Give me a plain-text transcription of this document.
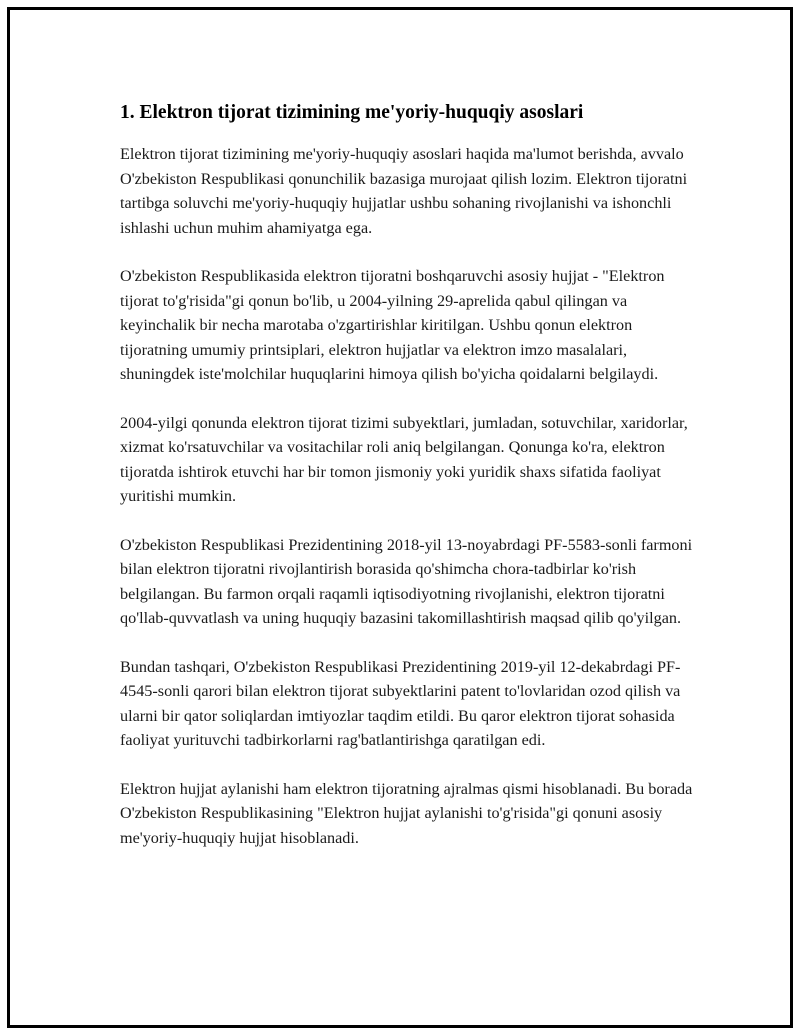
1. Elektron tijorat tizimining me'yoriy-huquqiy asoslari

Elektron tijorat tizimining me'yoriy-huquqiy asoslari haqida ma'lumot berishda, avvalo O'zbekiston Respublikasi qonunchilik bazasiga murojaat qilish lozim. Elektron tijoratni tartibga soluvchi me'yoriy-huquqiy hujjatlar ushbu sohaning rivojlanishi va ishonchli ishlashi uchun muhim ahamiyatga ega.

O'zbekiston Respublikasida elektron tijoratni boshqaruvchi asosiy hujjat - "Elektron tijorat to'g'risida"gi qonun bo'lib, u 2004-yilning 29-aprelida qabul qilingan va keyinchalik bir necha marotaba o'zgartirishlar kiritilgan. Ushbu qonun elektron tijoratning umumiy printsiplari, elektron hujjatlar va elektron imzo masalalari, shuningdek iste'molchilar huquqlarini himoya qilish bo'yicha qoidalarni belgilaydi.

2004-yilgi qonunda elektron tijorat tizimi subyektlari, jumladan, sotuvchilar, xaridorlar, xizmat ko'rsatuvchilar va vositachilar roli aniq belgilangan. Qonunga ko'ra, elektron tijoratda ishtirok etuvchi har bir tomon jismoniy yoki yuridik shaxs sifatida faoliyat yuritishi mumkin.

O'zbekiston Respublikasi Prezidentining 2018-yil 13-noyabrdagi PF-5583-sonli farmoni bilan elektron tijoratni rivojlantirish borasida qo'shimcha chora-tadbirlar ko'rish belgilangan. Bu farmon orqali raqamli iqtisodiyotning rivojlanishi, elektron tijoratni qo'llab-quvvatlash va uning huquqiy bazasini takomillashtirish maqsad qilib qo'yilgan.

Bundan tashqari, O'zbekiston Respublikasi Prezidentining 2019-yil 12-dekabrdagi PF-4545-sonli qarori bilan elektron tijorat subyektlarini patent to'lovlaridan ozod qilish va ularni bir qator soliqlardan imtiyozlar taqdim etildi. Bu qaror elektron tijorat sohasida faoliyat yurituvchi tadbirkorlarni rag'batlantirishga qaratilgan edi.

Elektron hujjat aylanishi ham elektron tijoratning ajralmas qismi hisoblanadi. Bu borada O'zbekiston Respublikasining "Elektron hujjat aylanishi to'g'risida"gi qonuni asosiy me'yoriy-huquqiy hujjat hisoblanadi.
